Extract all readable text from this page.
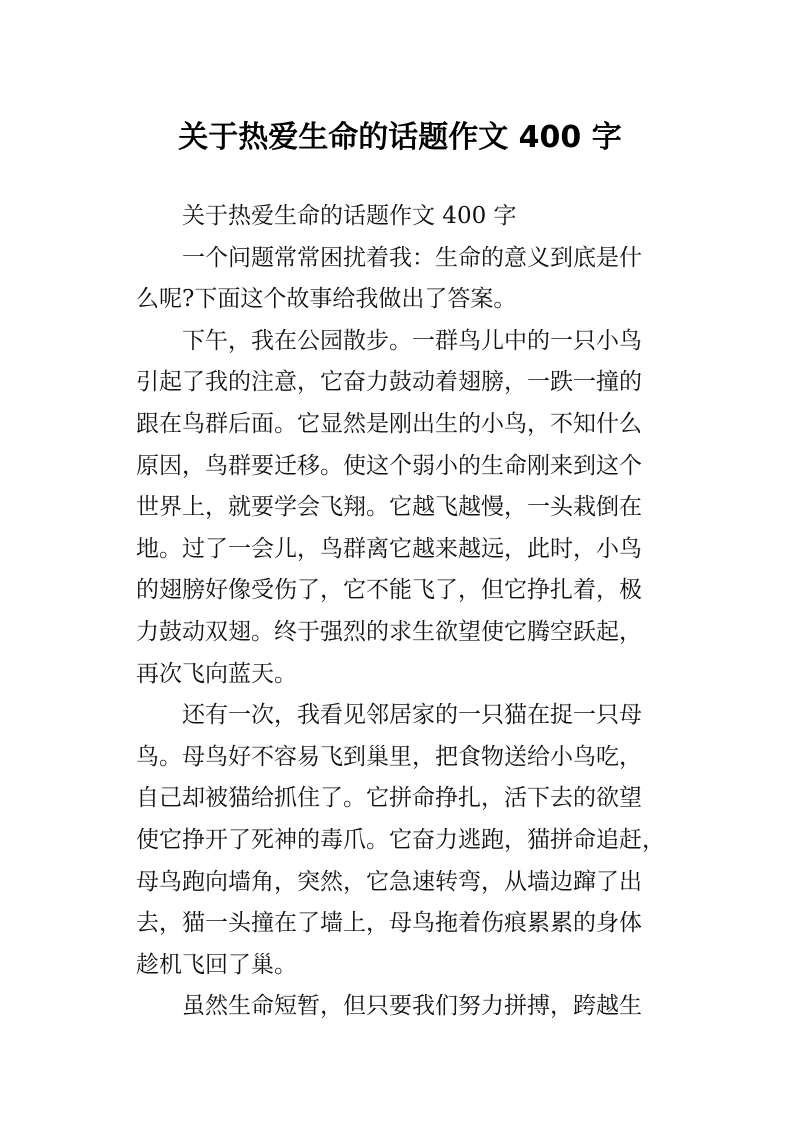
关于热爱生命的话题作文 400 字
关于热爱生命的话题作文 400 字
一个问题常常困扰着我：生命的意义到底是什
么呢?下面这个故事给我做出了答案。
下午，我在公园散步。一群鸟儿中的一只小鸟
引起了我的注意，它奋力鼓动着翅膀，一跌一撞的
跟在鸟群后面。它显然是刚出生的小鸟，不知什么
原因，鸟群要迁移。使这个弱小的生命刚来到这个
世界上，就要学会飞翔。它越飞越慢，一头栽倒在
地。过了一会儿，鸟群离它越来越远，此时，小鸟
的翅膀好像受伤了，它不能飞了，但它挣扎着，极
力鼓动双翅。终于强烈的求生欲望使它腾空跃起，
再次飞向蓝天。
还有一次，我看见邻居家的一只猫在捉一只母
鸟。母鸟好不容易飞到巢里，把食物送给小鸟吃，
自己却被猫给抓住了。它拼命挣扎，活下去的欲望
使它挣开了死神的毒爪。它奋力逃跑，猫拼命追赶，
母鸟跑向墙角，突然，它急速转弯，从墙边蹿了出
去，猫一头撞在了墙上，母鸟拖着伤痕累累的身体
趁机飞回了巢。
虽然生命短暂，但只要我们努力拼搏，跨越生
